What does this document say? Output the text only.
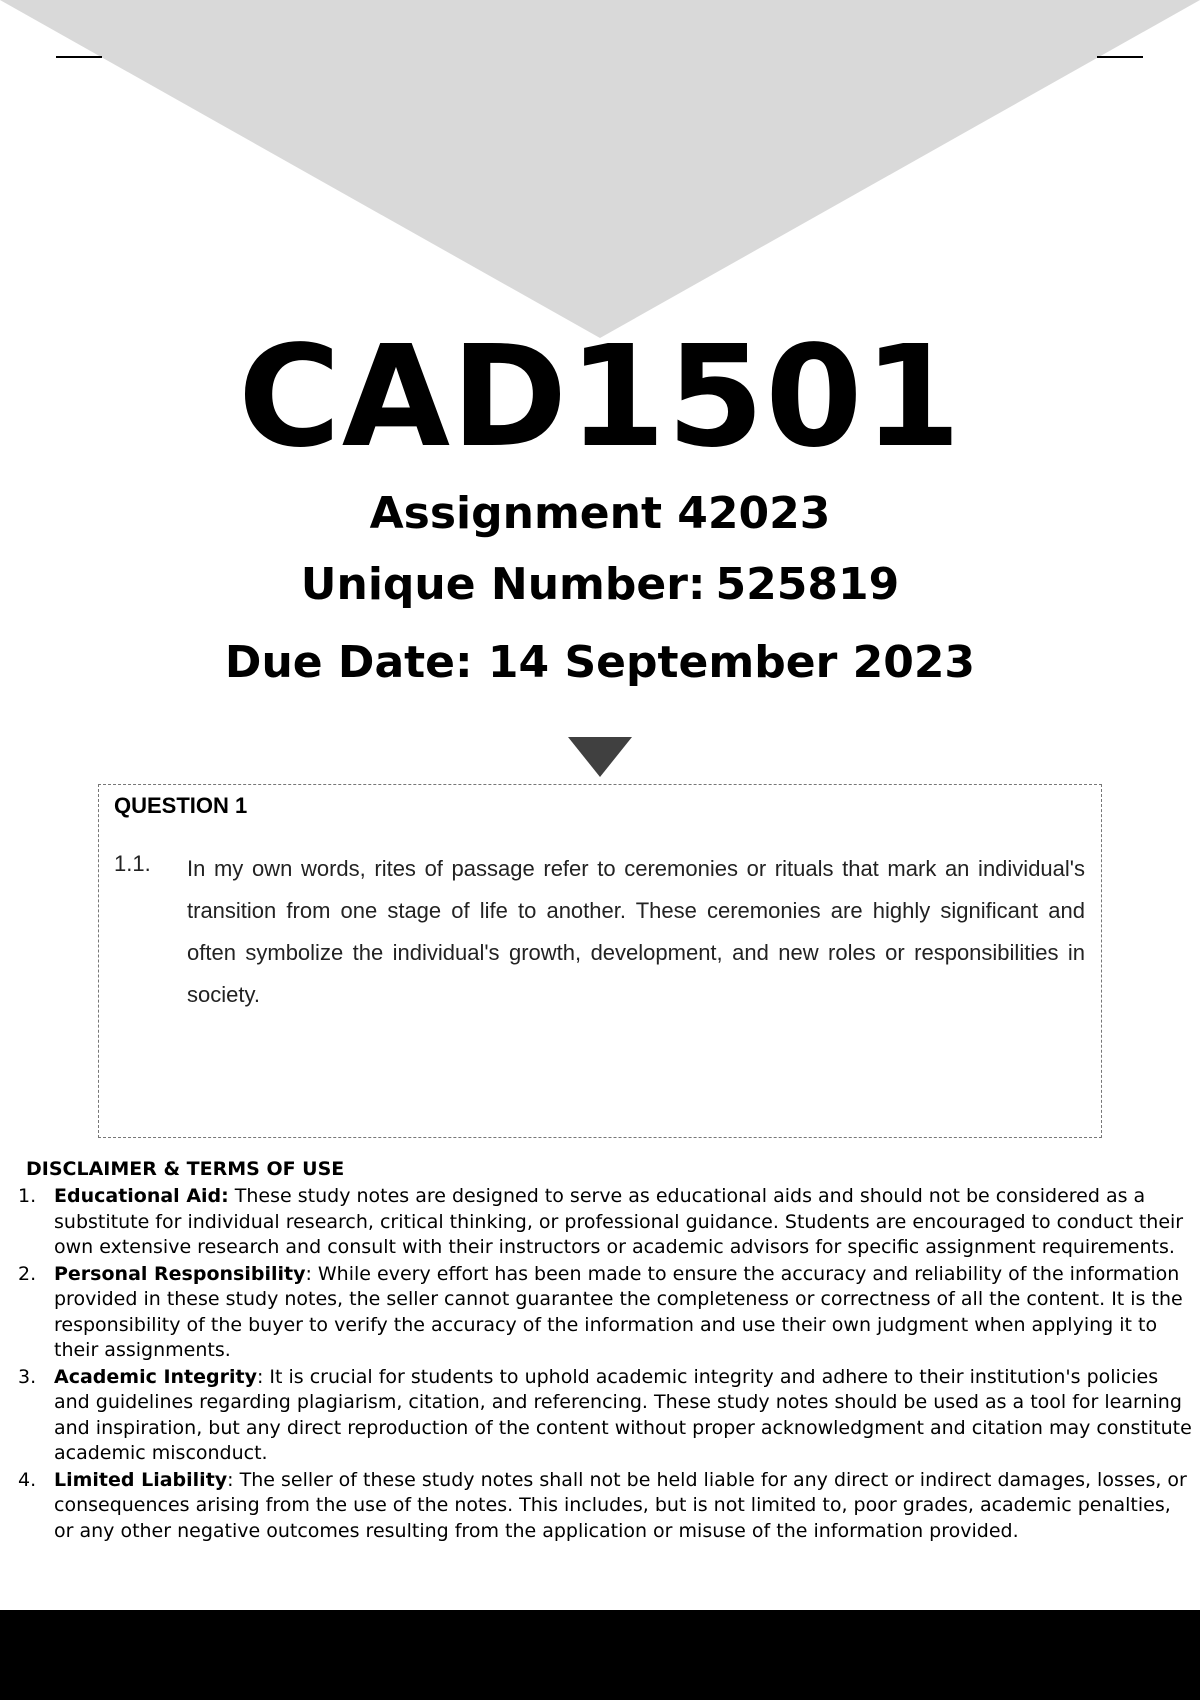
CAD1501
Assignment 42023
Unique Number: 525819
Due Date: 14 September 2023
QUESTION 1
1.1. In my own words, rites of passage refer to ceremonies or rituals that mark an individual's transition from one stage of life to another. These ceremonies are highly significant and often symbolize the individual's growth, development, and new roles or responsibilities in society.
DISCLAIMER & TERMS OF USE
1. Educational Aid: These study notes are designed to serve as educational aids and should not be considered as a substitute for individual research, critical thinking, or professional guidance. Students are encouraged to conduct their own extensive research and consult with their instructors or academic advisors for specific assignment requirements.
2. Personal Responsibility: While every effort has been made to ensure the accuracy and reliability of the information provided in these study notes, the seller cannot guarantee the completeness or correctness of all the content. It is the responsibility of the buyer to verify the accuracy of the information and use their own judgment when applying it to their assignments.
3. Academic Integrity: It is crucial for students to uphold academic integrity and adhere to their institution's policies and guidelines regarding plagiarism, citation, and referencing. These study notes should be used as a tool for learning and inspiration, but any direct reproduction of the content without proper acknowledgment and citation may constitute academic misconduct.
4. Limited Liability: The seller of these study notes shall not be held liable for any direct or indirect damages, losses, or consequences arising from the use of the notes. This includes, but is not limited to, poor grades, academic penalties, or any other negative outcomes resulting from the application or misuse of the information provided.
